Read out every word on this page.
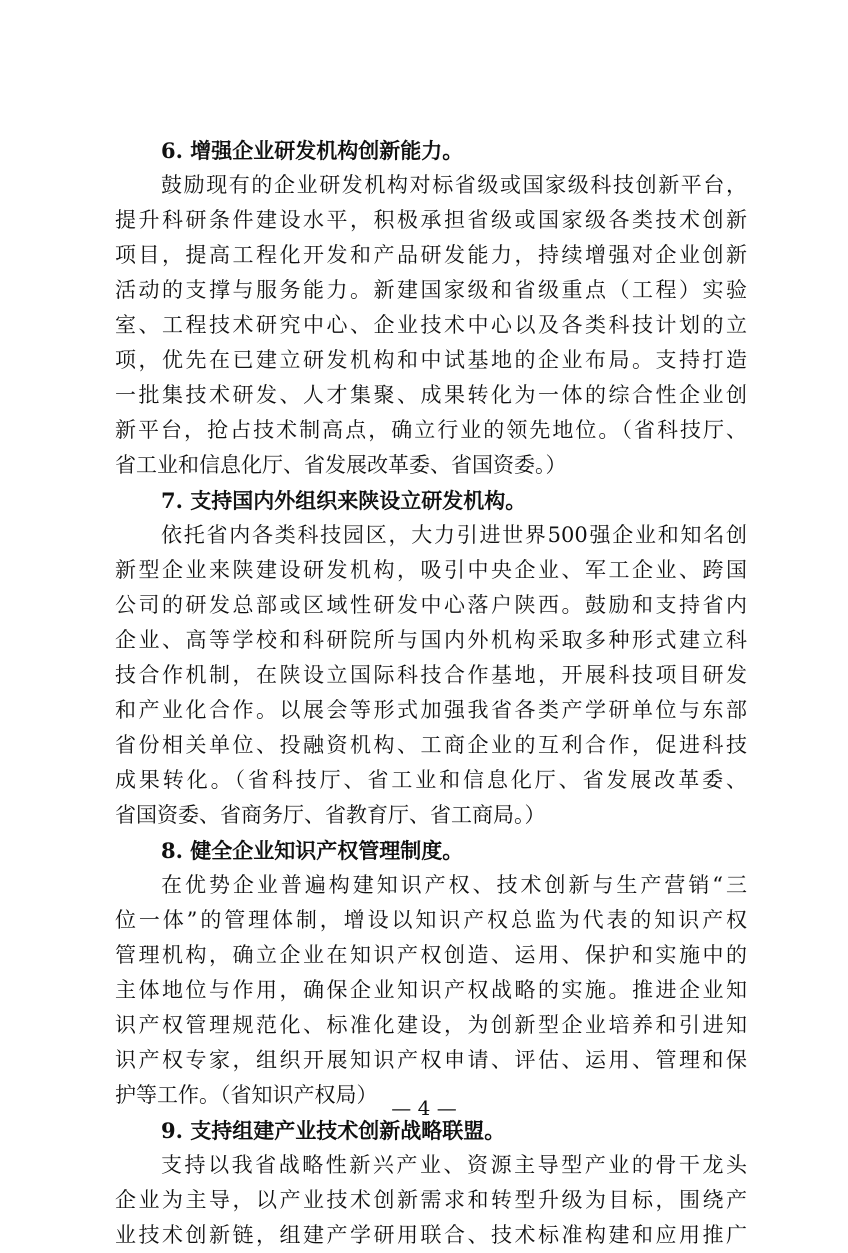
6. 增强企业研发机构创新能力。

鼓励现有的企业研发机构对标省级或国家级科技创新平台，
提升科研条件建设水平，积极承担省级或国家级各类技术创新
项目，提高工程化开发和产品研发能力，持续增强对企业创新
活动的支撑与服务能力。新建国家级和省级重点（工程）实验
室、工程技术研究中心、企业技术中心以及各类科技计划的立
项，优先在已建立研发机构和中试基地的企业布局。支持打造
一批集技术研发、人才集聚、成果转化为一体的综合性企业创
新平台，抢占技术制高点，确立行业的领先地位。（省科技厅、
省工业和信息化厅、省发展改革委、省国资委。）

7. 支持国内外组织来陕设立研发机构。

依托省内各类科技园区，大力引进世界500强企业和知名创
新型企业来陕建设研发机构，吸引中央企业、军工企业、跨国
公司的研发总部或区域性研发中心落户陕西。鼓励和支持省内
企业、高等学校和科研院所与国内外机构采取多种形式建立科
技合作机制，在陕设立国际科技合作基地，开展科技项目研发
和产业化合作。以展会等形式加强我省各类产学研单位与东部
省份相关单位、投融资机构、工商企业的互利合作，促进科技
成果转化。（省科技厅、省工业和信息化厅、省发展改革委、
省国资委、省商务厅、省教育厅、省工商局。）

8. 健全企业知识产权管理制度。

在优势企业普遍构建知识产权、技术创新与生产营销“三
位一体”的管理体制，增设以知识产权总监为代表的知识产权
管理机构，确立企业在知识产权创造、运用、保护和实施中的
主体地位与作用，确保企业知识产权战略的实施。推进企业知
识产权管理规范化、标准化建设，为创新型企业培养和引进知
识产权专家，组织开展知识产权申请、评估、运用、管理和保
护等工作。（省知识产权局）

9. 支持组建产业技术创新战略联盟。

支持以我省战略性新兴产业、资源主导型产业的骨干龙头
企业为主导，以产业技术创新需求和转型升级为目标，围绕产
业技术创新链，组建产学研用联合、技术标准构建和应用推广

— 4 —
